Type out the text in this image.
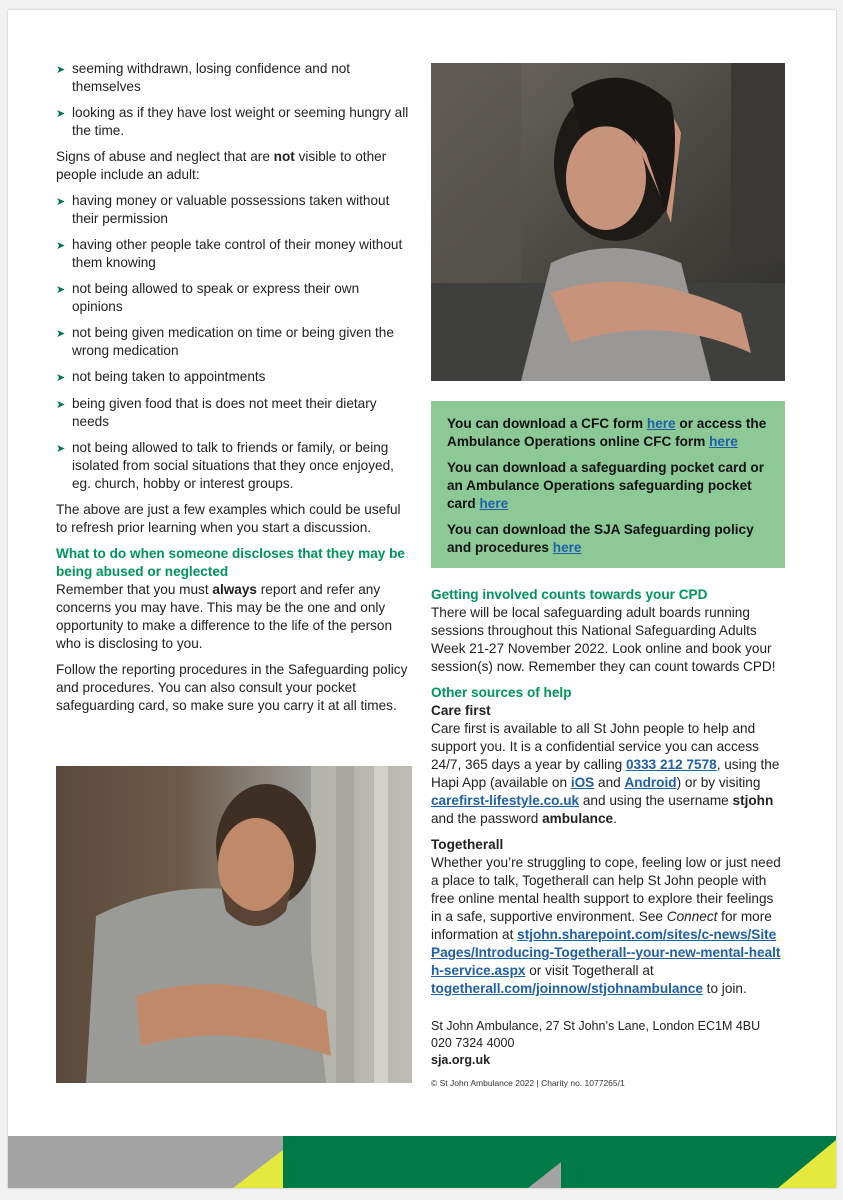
➤ seeming withdrawn, losing confidence and not themselves
➤ looking as if they have lost weight or seeming hungry all the time.

Signs of abuse and neglect that are not visible to other people include an adult:

➤ having money or valuable possessions taken without their permission
➤ having other people take control of their money without them knowing
➤ not being allowed to speak or express their own opinions
➤ not being given medication on time or being given the wrong medication
➤ not being taken to appointments
➤ being given food that is does not meet their dietary needs
➤ not being allowed to talk to friends or family, or being isolated from social situations that they once enjoyed, eg. church, hobby or interest groups.

The above are just a few examples which could be useful to refresh prior learning when you start a discussion.

What to do when someone discloses that they may be being abused or neglected

Remember that you must always report and refer any concerns you may have. This may be the one and only opportunity to make a difference to the life of the person who is disclosing to you.

Follow the reporting procedures in the Safeguarding policy and procedures. You can also consult your pocket safeguarding card, so make sure you carry it at all times.

You can download a CFC form here or access the Ambulance Operations online CFC form here

You can download a safeguarding pocket card or an Ambulance Operations safeguarding pocket card here

You can download the SJA Safeguarding policy and procedures here

Getting involved counts towards your CPD

There will be local safeguarding adult boards running sessions throughout this National Safeguarding Adults Week 21-27 November 2022. Look online and book your session(s) now. Remember they can count towards CPD!

Other sources of help

Care first

Care first is available to all St John people to help and support you. It is a confidential service you can access 24/7, 365 days a year by calling 0333 212 7578, using the Hapi App (available on iOS and Android) or by visiting carefirst-lifestyle.co.uk and using the username stjohn and the password ambulance.

Togetherall

Whether you’re struggling to cope, feeling low or just need a place to talk, Togetherall can help St John people with free online mental health support to explore their feelings in a safe, supportive environment. See Connect for more information at stjohn.sharepoint.com/sites/c-news/SitePages/Introducing-Togetherall--your-new-mental-health-service.aspx or visit Togetherall at togetherall.com/joinnow/stjohnambulance to join.

St John Ambulance, 27 St John’s Lane, London EC1M 4BU
020 7324 4000
sja.org.uk
© St John Ambulance 2022 | Charity no. 1077265/1
